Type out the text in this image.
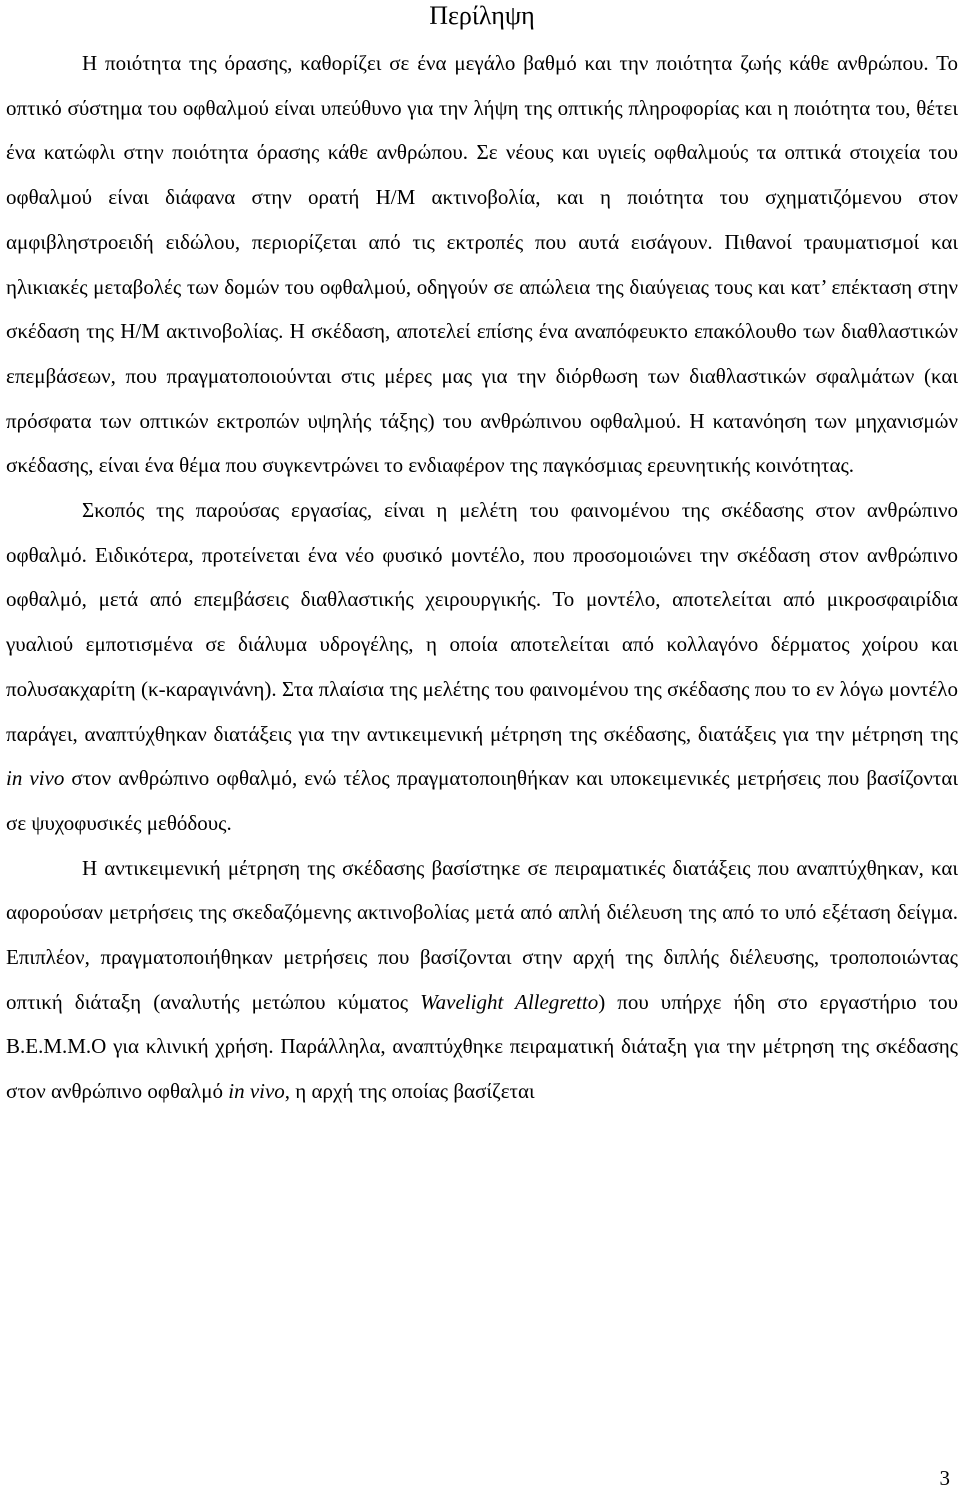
Περίληψη

Η ποιότητα της όρασης, καθορίζει σε ένα μεγάλο βαθμό και την ποιότητα ζωής κάθε ανθρώπου. Το οπτικό σύστημα του οφθαλμού είναι υπεύθυνο για την λήψη της οπτικής πληροφορίας και η ποιότητα του, θέτει ένα κατώφλι στην ποιότητα όρασης κάθε ανθρώπου. Σε νέους και υγιείς οφθαλμούς τα οπτικά στοιχεία του οφθαλμού είναι διάφανα στην ορατή Η/Μ ακτινοβολία, και η ποιότητα του σχηματιζόμενου στον αμφιβληστροειδή ειδώλου, περιορίζεται από τις εκτροπές που αυτά εισάγουν. Πιθανοί τραυματισμοί και ηλικιακές μεταβολές των δομών του οφθαλμού, οδηγούν σε απώλεια της διαύγειας τους και κατ’ επέκταση στην σκέδαση της Η/Μ ακτινοβολίας. Η σκέδαση, αποτελεί επίσης ένα αναπόφευκτο επακόλουθο των διαθλαστικών επεμβάσεων, που πραγματοποιούνται στις μέρες μας για την διόρθωση των διαθλαστικών σφαλμάτων (και πρόσφατα των οπτικών εκτροπών υψηλής τάξης) του ανθρώπινου οφθαλμού. Η κατανόηση των μηχανισμών σκέδασης, είναι ένα θέμα που συγκεντρώνει το ενδιαφέρον της παγκόσμιας ερευνητικής κοινότητας.

Σκοπός της παρούσας εργασίας, είναι η μελέτη του φαινομένου της σκέδασης στον ανθρώπινο οφθαλμό. Ειδικότερα, προτείνεται ένα νέο φυσικό μοντέλο, που προσομοιώνει την σκέδαση στον ανθρώπινο οφθαλμό, μετά από επεμβάσεις διαθλαστικής χειρουργικής. Το μοντέλο, αποτελείται από μικροσφαιρίδια γυαλιού εμποτισμένα σε διάλυμα υδρογέλης, η οποία αποτελείται από κολλαγόνο δέρματος χοίρου και πολυσακχαρίτη (κ-καραγινάνη). Στα πλαίσια της μελέτης του φαινομένου της σκέδασης που το εν λόγω μοντέλο παράγει, αναπτύχθηκαν διατάξεις για την αντικειμενική μέτρηση της σκέδασης, διατάξεις για την μέτρηση της in vivo στον ανθρώπινο οφθαλμό, ενώ τέλος πραγματοποιηθήκαν και υποκειμενικές μετρήσεις που βασίζονται σε ψυχοφυσικές μεθόδους.

Η αντικειμενική μέτρηση της σκέδασης βασίστηκε σε πειραματικές διατάξεις που αναπτύχθηκαν, και αφορούσαν μετρήσεις της σκεδαζόμενης ακτινοβολίας μετά από απλή διέλευση της από το υπό εξέταση δείγμα. Επιπλέον, πραγματοποιήθηκαν μετρήσεις που βασίζονται στην αρχή της διπλής διέλευσης, τροποποιώντας οπτική διάταξη (αναλυτής μετώπου κύματος Wavelight Allegretto) που υπήρχε ήδη στο εργαστήριο του Β.Ε.Μ.Μ.Ο για κλινική χρήση. Παράλληλα, αναπτύχθηκε πειραματική διάταξη για την μέτρηση της σκέδασης στον ανθρώπινο οφθαλμό in vivo, η αρχή της οποίας βασίζεται

3
